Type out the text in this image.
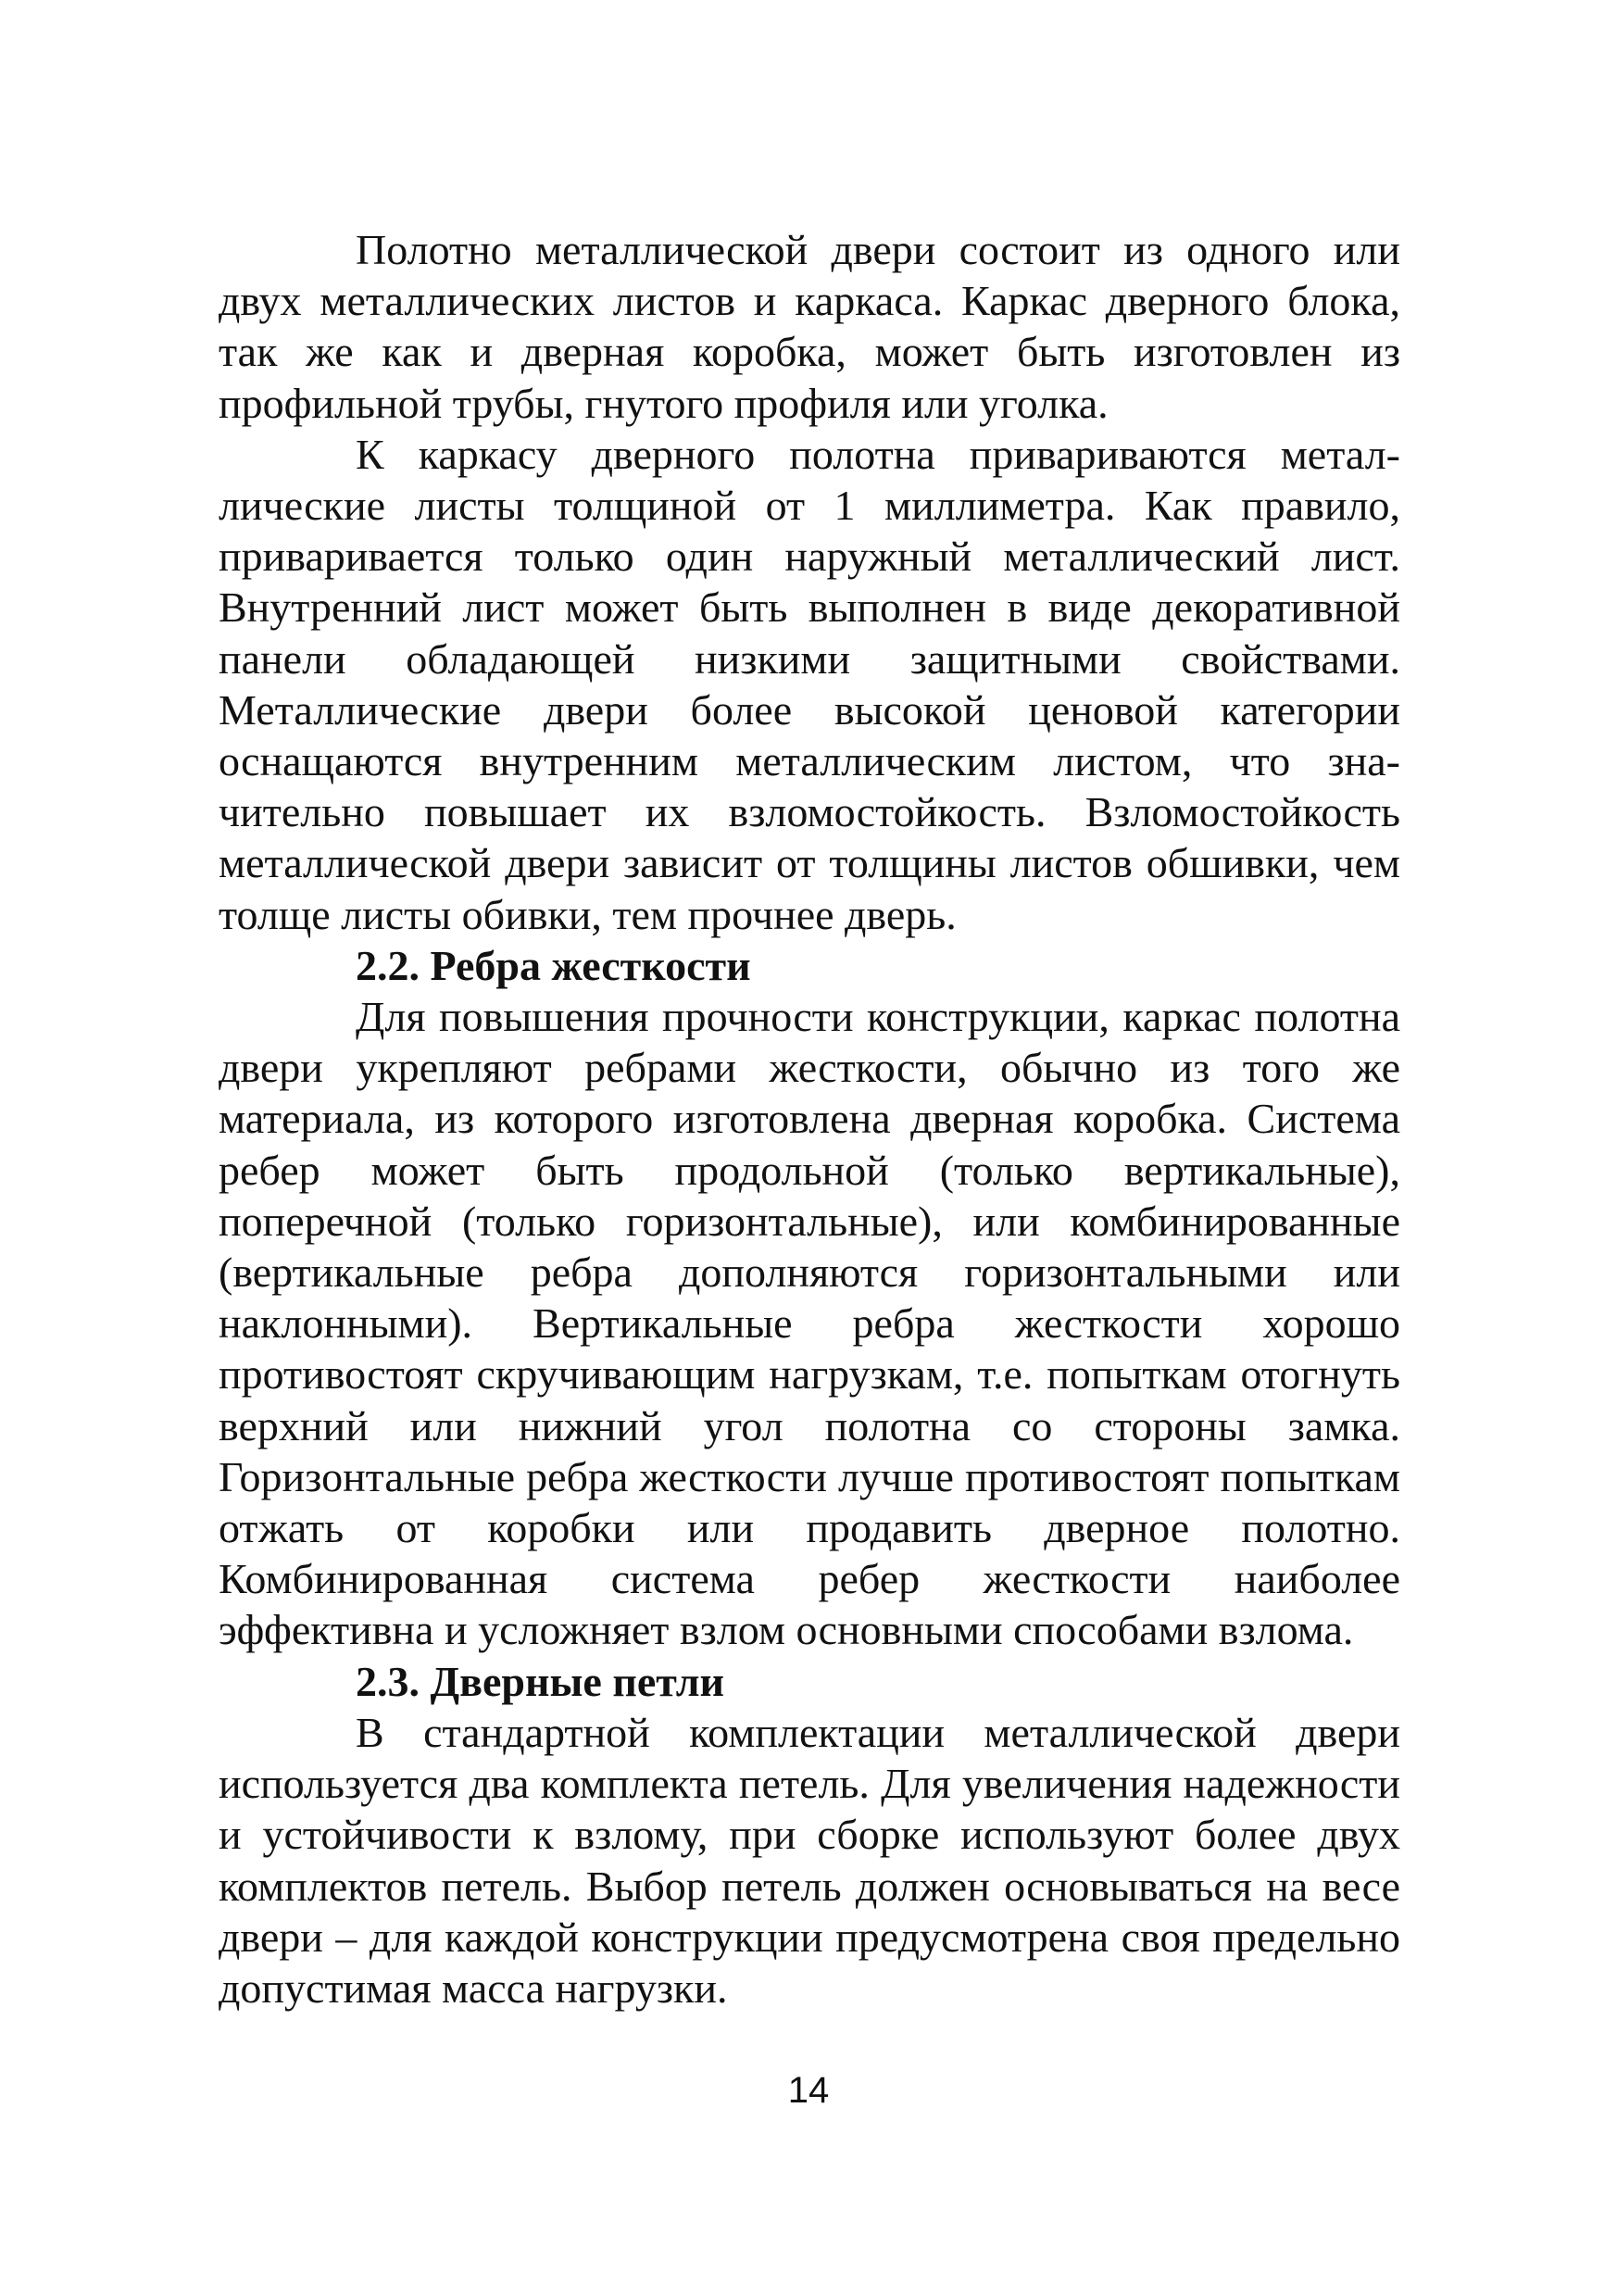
Полотно металлической двери состоит из одного или двух металлических листов и каркаса. Каркас дверного блока, так же как и дверная коробка, может быть изготовлен из профильной трубы, гнутого профиля или уголка.

К каркасу дверного полотна привариваются металлические листы толщиной от 1 миллиметра. Как правило, приваривается только один наружный металлический лист. Внутренний лист может быть выполнен в виде декоративной панели обладающей низкими защитными свойствами. Металлические двери более высокой ценовой категории оснащаются внутренним металлическим листом, что значительно повышает их взломостойкость. Взломостойкость металлической двери зависит от толщины листов обшивки, чем толще листы обивки, тем прочнее дверь.

2.2. Ребра жесткости

Для повышения прочности конструкции, каркас полотна двери укрепляют ребрами жесткости, обычно из того же материала, из которого изготовлена дверная коробка. Система ребер может быть продольной (только вертикальные), поперечной (только горизонтальные), или комбинированные (вертикальные ребра дополняются горизонтальными или наклонными). Вертикальные ребра жесткости хорошо противостоят скручивающим нагрузкам, т.е. попыткам отогнуть верхний или нижний угол полотна со стороны замка. Горизонтальные ребра жесткости лучше противостоят попыткам отжать от коробки или продавить дверное полотно. Комбинированная система ребер жесткости наиболее эффективна и усложняет взлом основными способами взлома.

2.3. Дверные петли

В стандартной комплектации металлической двери используется два комплекта петель. Для увеличения надежности и устойчивости к взлому, при сборке используют более двух комплектов петель. Выбор петель должен основываться на весе двери – для каждой конструкции предусмотрена своя предельно допустимая масса нагрузки.

14
